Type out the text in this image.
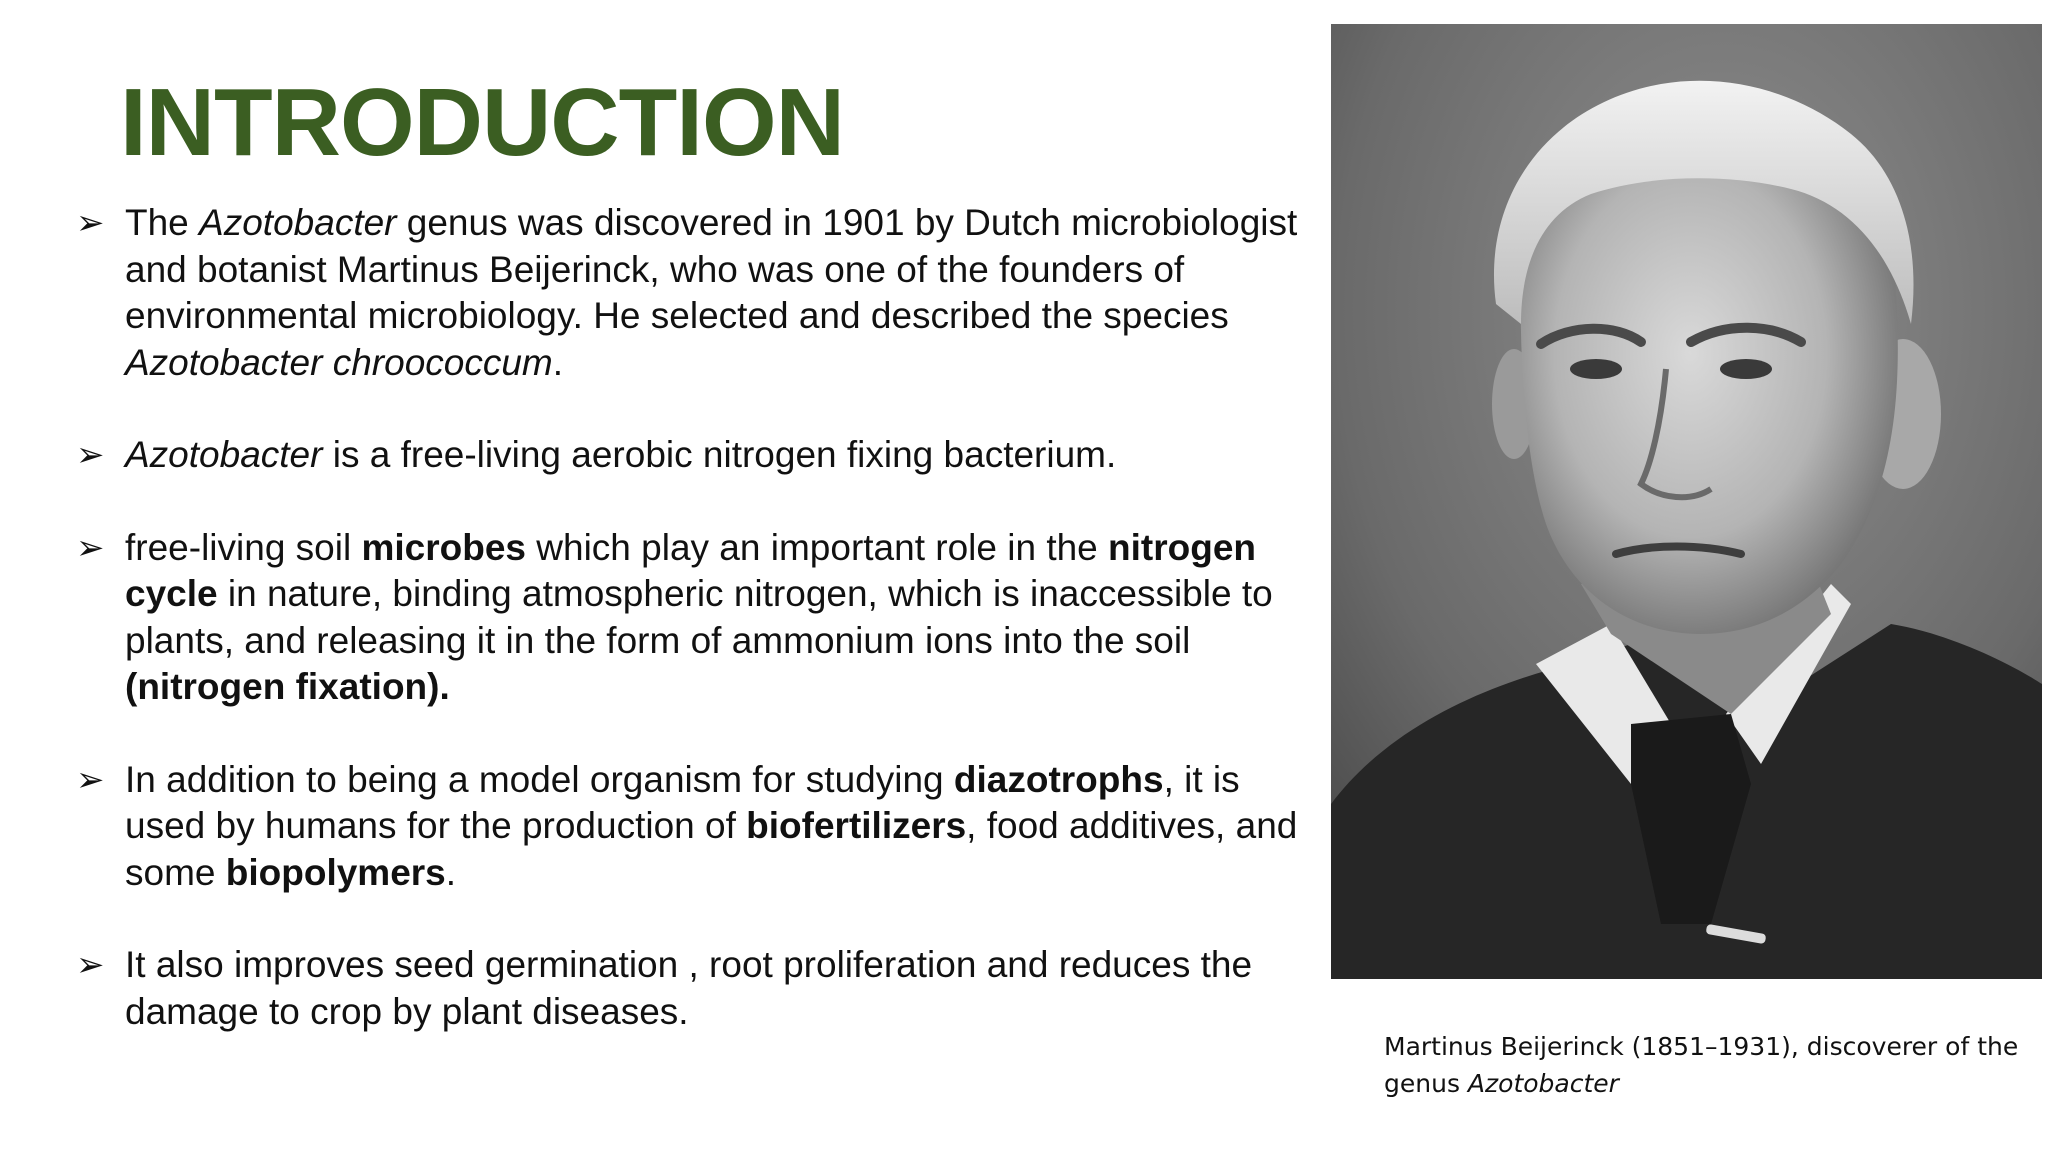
INTRODUCTION
➢ The Azotobacter genus was discovered in 1901 by Dutch microbiologist and botanist Martinus Beijerinck, who was one of the founders of environmental microbiology. He selected and described the species Azotobacter chroococcum.
➢ Azotobacter is a free-living aerobic nitrogen fixing bacterium.
➢ free-living soil microbes which play an important role in the nitrogen cycle in nature, binding atmospheric nitrogen, which is inaccessible to plants, and releasing it in the form of ammonium ions into the soil (nitrogen fixation).
➢ In addition to being a model organism for studying diazotrophs, it is used by humans for the production of biofertilizers, food additives, and some biopolymers.
➢ It also improves seed germination , root proliferation and reduces the damage to crop by plant diseases.

Martinus Beijerinck (1851–1931), discoverer of the genus Azotobacter
